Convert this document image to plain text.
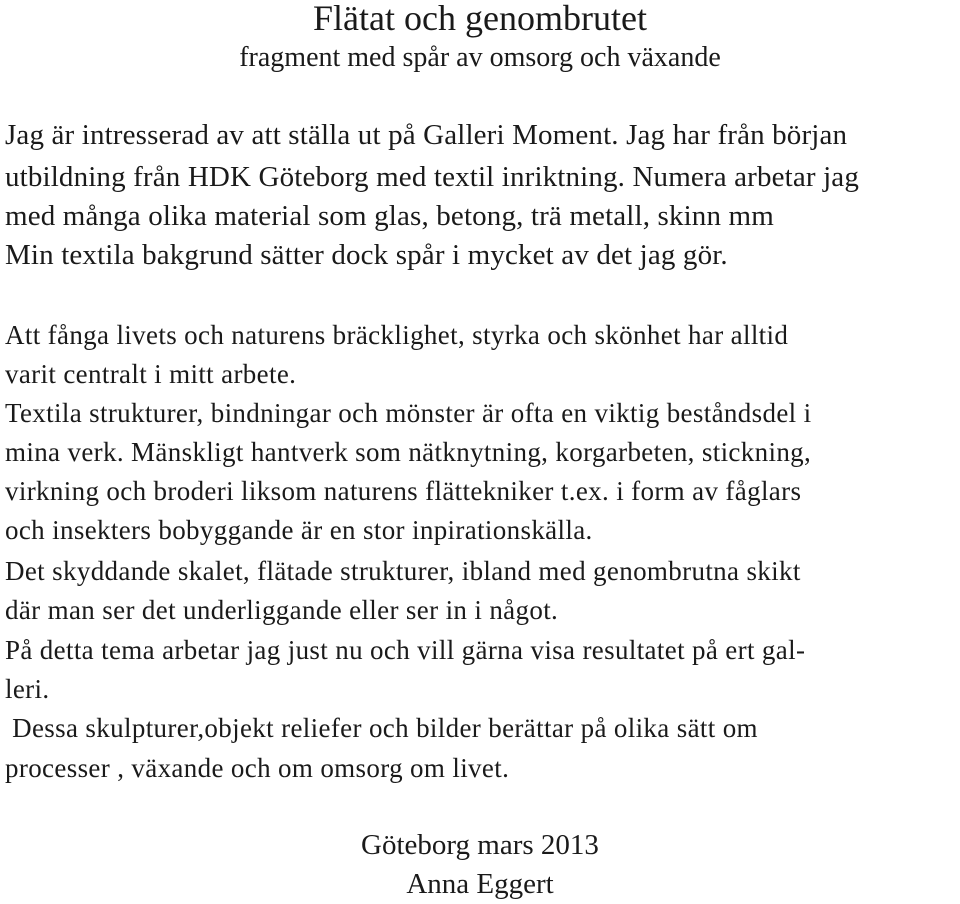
Flätat och genombrutet
fragment med spår av omsorg och växande
Jag är intresserad av att ställa ut på Galleri Moment. Jag har från början
utbildning från HDK Göteborg med textil inriktning. Numera arbetar jag
med många olika material som glas, betong, trä metall, skinn mm
Min textila bakgrund sätter dock spår i mycket av det jag gör.
Att fånga livets och naturens bräcklighet, styrka och skönhet har alltid
varit centralt i mitt arbete.
Textila strukturer, bindningar och mönster är ofta en viktig beståndsdel i
mina verk. Mänskligt hantverk som nätknytning, korgarbeten, stickning,
virkning och broderi liksom naturens flättekniker t.ex. i form av fåglars
och insekters bobyggande är en stor inpirationskälla.
Det skyddande skalet, flätade strukturer, ibland med genombrutna skikt
där man ser det underliggande eller ser in i något.
På detta tema arbetar jag just nu och vill gärna visa resultatet på ert gal-
leri.
Dessa skulpturer,objekt reliefer och bilder berättar på olika sätt om
processer , växande och om omsorg om livet.
Göteborg mars 2013
Anna Eggert
